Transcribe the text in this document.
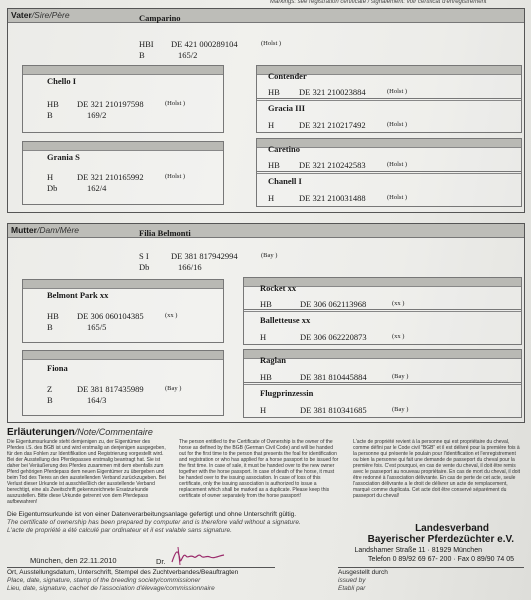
Markings: see registration certificate / signalement: voir certificat d'enregistrement
Vater/Sire/Père	Camparino
HBI DE 421 000289104	(Holst )
B	165/2
Chello I
HB DE 321 210197598	(Holst )
B	169/2
Contender
HB DE 321 210023884	(Holst )
Gracia III
H	DE 321 210217492	(Holst )
Grania S
H	DE 321 210165992	(Holst )
Db	162/4
Caretino
HB DE 321 210242583	(Holst )
Chanell I
H	DE 321 210031488	(Holst )
Mutter/Dam/Mère	Filia Belmonti
S I	DE 381 817942994	(Bay )
Db	166/16
Belmont Park xx
HB DE 306 060104385	(xx )
B	165/5
Rocket xx
HB	DE 306 062113968	(xx )
Balletteuse xx
H	DE 306 062220873	(xx )
Fiona
Z	DE 381 817435989	(Bay )
B	164/3
Raglan
HB	DE 381 810445884	(Bay )
Flugprinzessin
H	DE 381 810341685	(Bay )
Erläuterungen/Note/Commentaire
Die Eigentumsurkunde steht demjenigen zu, der Eigentümer des Pferdes i.S. des BGB ist und wird erstmalig an denjenigen ausgegeben, für den das Fohlen zur Identifikation und Registrierung vorgestellt wird. Bei der Ausstellung des Pferdepasses erstmalig beantragt hat. Sie ist daher bei Veräußerung des Pferdes zusammen mit dem ebenfalls zum Pferd gehörigen Pferdepass dem neuen Eigentümer zu übergeben und beim Tod des Tieres an den ausstellenden Verband zurückzugeben. Bei Verlust dieser Urkunde ist ausschließlich der ausstellende Verband berechtigt, eine als Zweitschrift gekennzeichnete Ersatzurkunde auszustellen. Bitte diese Urkunde getrennt von dem Pferdepass aufbewahren!
The person entitled to the Certificate of Ownership is the owner of the horse as defined by the BGB (German Civil Code) and will be handed out for the first time to the person that presents the foal for identification and registration or who has applied for a horse passport to be issued for the first time. In case of sale, it must be handed over to the new owner together with the horse passport. In case of death of the horse, it must be handed over to the issuing association. In case of loss of this certificate, only the issuing association is authorized to issue a replacement which shall be marked as a duplicate. Please keep this certificate of owner separately from the horse passport!
L'acte de propriété revient à la personne qui est propriétaire du cheval, comme défini par le Code civil "BGB" et il est délivré pour la première fois à la personne qui présente le poulain pour l'identification et l'enregistrement ou bien la personne qui fait une demande de passeport du cheval pour la première fois. C'est pourquoi, en cas de vente du cheval, il doit être remis avec le passeport au nouveau propriétaire. En cas de mort du cheval, il doit être redonné à l'association délivrante. En cas de perte de cet acte, seule l'association délivrante a le droit de délivrer un acte de remplacement, marqué comme duplicata. Cet acte doit être conservé séparément du passeport du cheval!
Die Eigentumsurkunde ist von einer Datenverarbeitungsanlage gefertigt und ohne Unterschrift gültig.
The certificate of ownership has been prepared by computer and is therefore valid without a signature.
L'acte de propriété a été calculé par ordinateur et il est valable sans signature.
München, den 22.11.2010	Dr.
Ort, Ausstellungsdatum, Unterschrift, Stempel des Zuchtverbandes/Beauftragten
Place, date, signature, stamp of the breeding society/commissioner
Lieu, date, signature, cachet de l'association d'élevage/commissionnaire
Ausgestellt durch
issued by
Etabli par
Landesverband
Bayerischer Pferdezüchter e.V.
Landshamer Straße 11 · 81929 München
Telefon 0 89/92 69 67- 200 · Fax 0 89/90 74 05
